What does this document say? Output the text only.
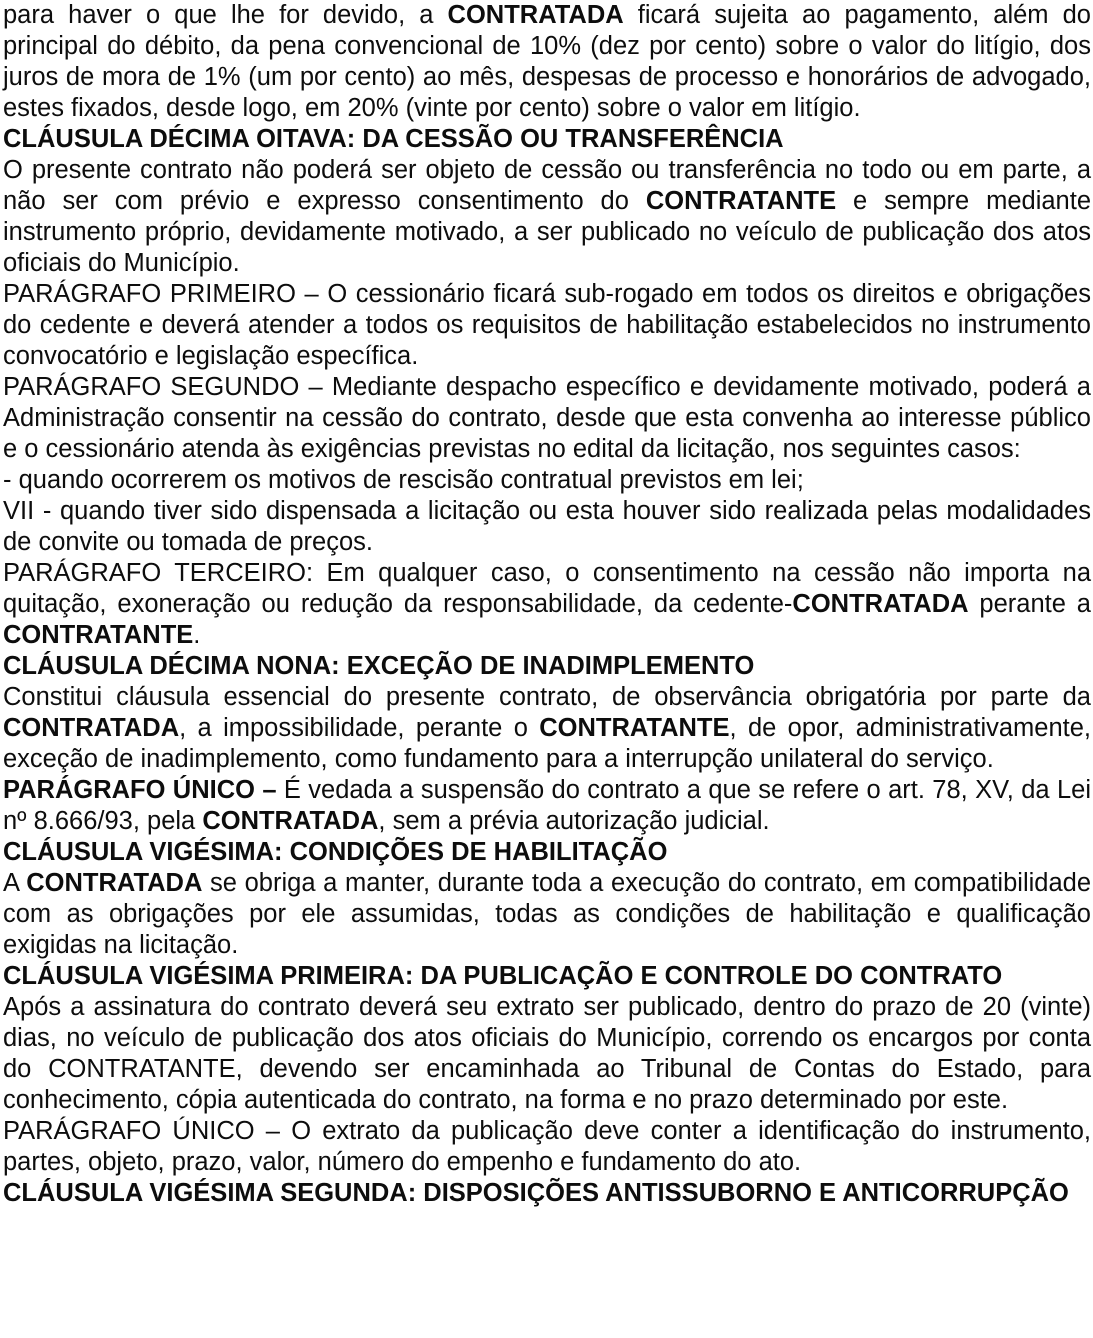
para haver o que lhe for devido, a CONTRATADA ficará sujeita ao pagamento, além do principal do débito, da pena convencional de 10% (dez por cento) sobre o valor do litígio, dos juros de mora de 1% (um por cento) ao mês, despesas de processo e honorários de advogado, estes fixados, desde logo, em 20% (vinte por cento) sobre o valor em litígio.

CLÁUSULA DÉCIMA OITAVA: DA CESSÃO OU TRANSFERÊNCIA

O presente contrato não poderá ser objeto de cessão ou transferência no todo ou em parte, a não ser com prévio e expresso consentimento do CONTRATANTE e sempre mediante instrumento próprio, devidamente motivado, a ser publicado no veículo de publicação dos atos oficiais do Município.

PARÁGRAFO PRIMEIRO – O cessionário ficará sub-rogado em todos os direitos e obrigações do cedente e deverá atender a todos os requisitos de habilitação estabelecidos no instrumento convocatório e legislação específica.

PARÁGRAFO SEGUNDO – Mediante despacho específico e devidamente motivado, poderá a Administração consentir na cessão do contrato, desde que esta convenha ao interesse público e o cessionário atenda às exigências previstas no edital da licitação, nos seguintes casos:

- quando ocorrerem os motivos de rescisão contratual previstos em lei;

VII - quando tiver sido dispensada a licitação ou esta houver sido realizada pelas modalidades de convite ou tomada de preços.

PARÁGRAFO TERCEIRO: Em qualquer caso, o consentimento na cessão não importa na quitação, exoneração ou redução da responsabilidade, da cedente-CONTRATADA perante a CONTRATANTE.

CLÁUSULA DÉCIMA NONA: EXCEÇÃO DE INADIMPLEMENTO

Constitui cláusula essencial do presente contrato, de observância obrigatória por parte da CONTRATADA, a impossibilidade, perante o CONTRATANTE, de opor, administrativamente, exceção de inadimplemento, como fundamento para a interrupção unilateral do serviço.

PARÁGRAFO ÚNICO – É vedada a suspensão do contrato a que se refere o art. 78, XV, da Lei nº 8.666/93, pela CONTRATADA, sem a prévia autorização judicial.

CLÁUSULA VIGÉSIMA: CONDIÇÕES DE HABILITAÇÃO

A CONTRATADA se obriga a manter, durante toda a execução do contrato, em compatibilidade com as obrigações por ele assumidas, todas as condições de habilitação e qualificação exigidas na licitação.

CLÁUSULA VIGÉSIMA PRIMEIRA: DA PUBLICAÇÃO E CONTROLE DO CONTRATO

Após a assinatura do contrato deverá seu extrato ser publicado, dentro do prazo de 20 (vinte) dias, no veículo de publicação dos atos oficiais do Município, correndo os encargos por conta do CONTRATANTE, devendo ser encaminhada ao Tribunal de Contas do Estado, para conhecimento, cópia autenticada do contrato, na forma e no prazo determinado por este.

PARÁGRAFO ÚNICO – O extrato da publicação deve conter a identificação do instrumento, partes, objeto, prazo, valor, número do empenho e fundamento do ato.

CLÁUSULA VIGÉSIMA SEGUNDA: DISPOSIÇÕES ANTISSUBORNO E ANTICORRUPÇÃO
